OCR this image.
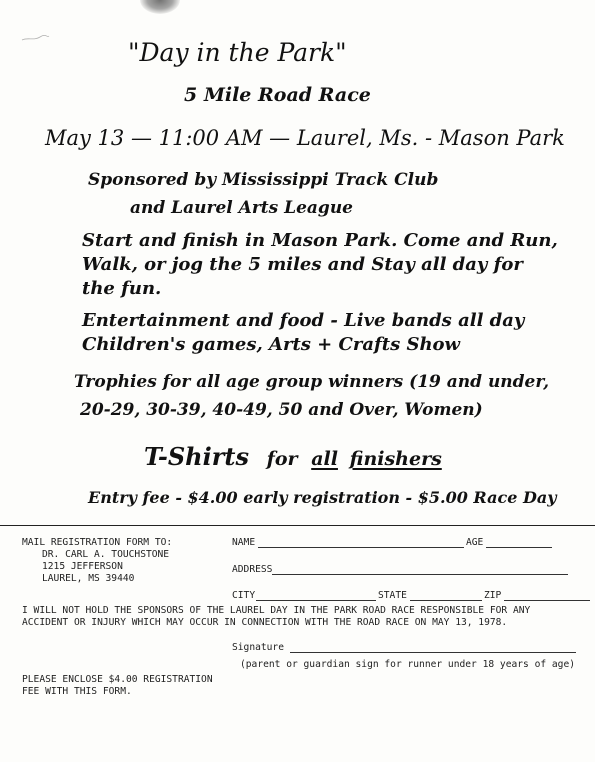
"Day in the Park"
5 Mile Road Race
May 13 — 11:00 AM — Laurel, Ms. - Mason Park
Sponsored by Mississippi Track Club
and Laurel Arts League
Start and finish in Mason Park. Come and Run,
Walk, or jog the 5 miles and Stay all day for
the fun.
Entertainment and food - Live bands all day
Children's games, Arts + Crafts Show
Trophies for all age group winners (19 and under,
20-29, 30-39, 40-49, 50 and Over, Women)
T-Shirts for all finishers
Entry fee - $4.00 early registration - $5.00 Race Day
MAIL REGISTRATION FORM TO:
DR. CARL A. TOUCHSTONE
1215 JEFFERSON
LAUREL, MS 39440
NAME	AGE
ADDRESS
CITY	STATE	ZIP
I WILL NOT HOLD THE SPONSORS OF THE LAUREL DAY IN THE PARK ROAD RACE RESPONSIBLE FOR ANY
ACCIDENT OR INJURY WHICH MAY OCCUR IN CONNECTION WITH THE ROAD RACE ON MAY 13, 1978.
Signature
(parent or guardian sign for runner under 18 years of age)
PLEASE ENCLOSE $4.00 REGISTRATION
FEE WITH THIS FORM.
